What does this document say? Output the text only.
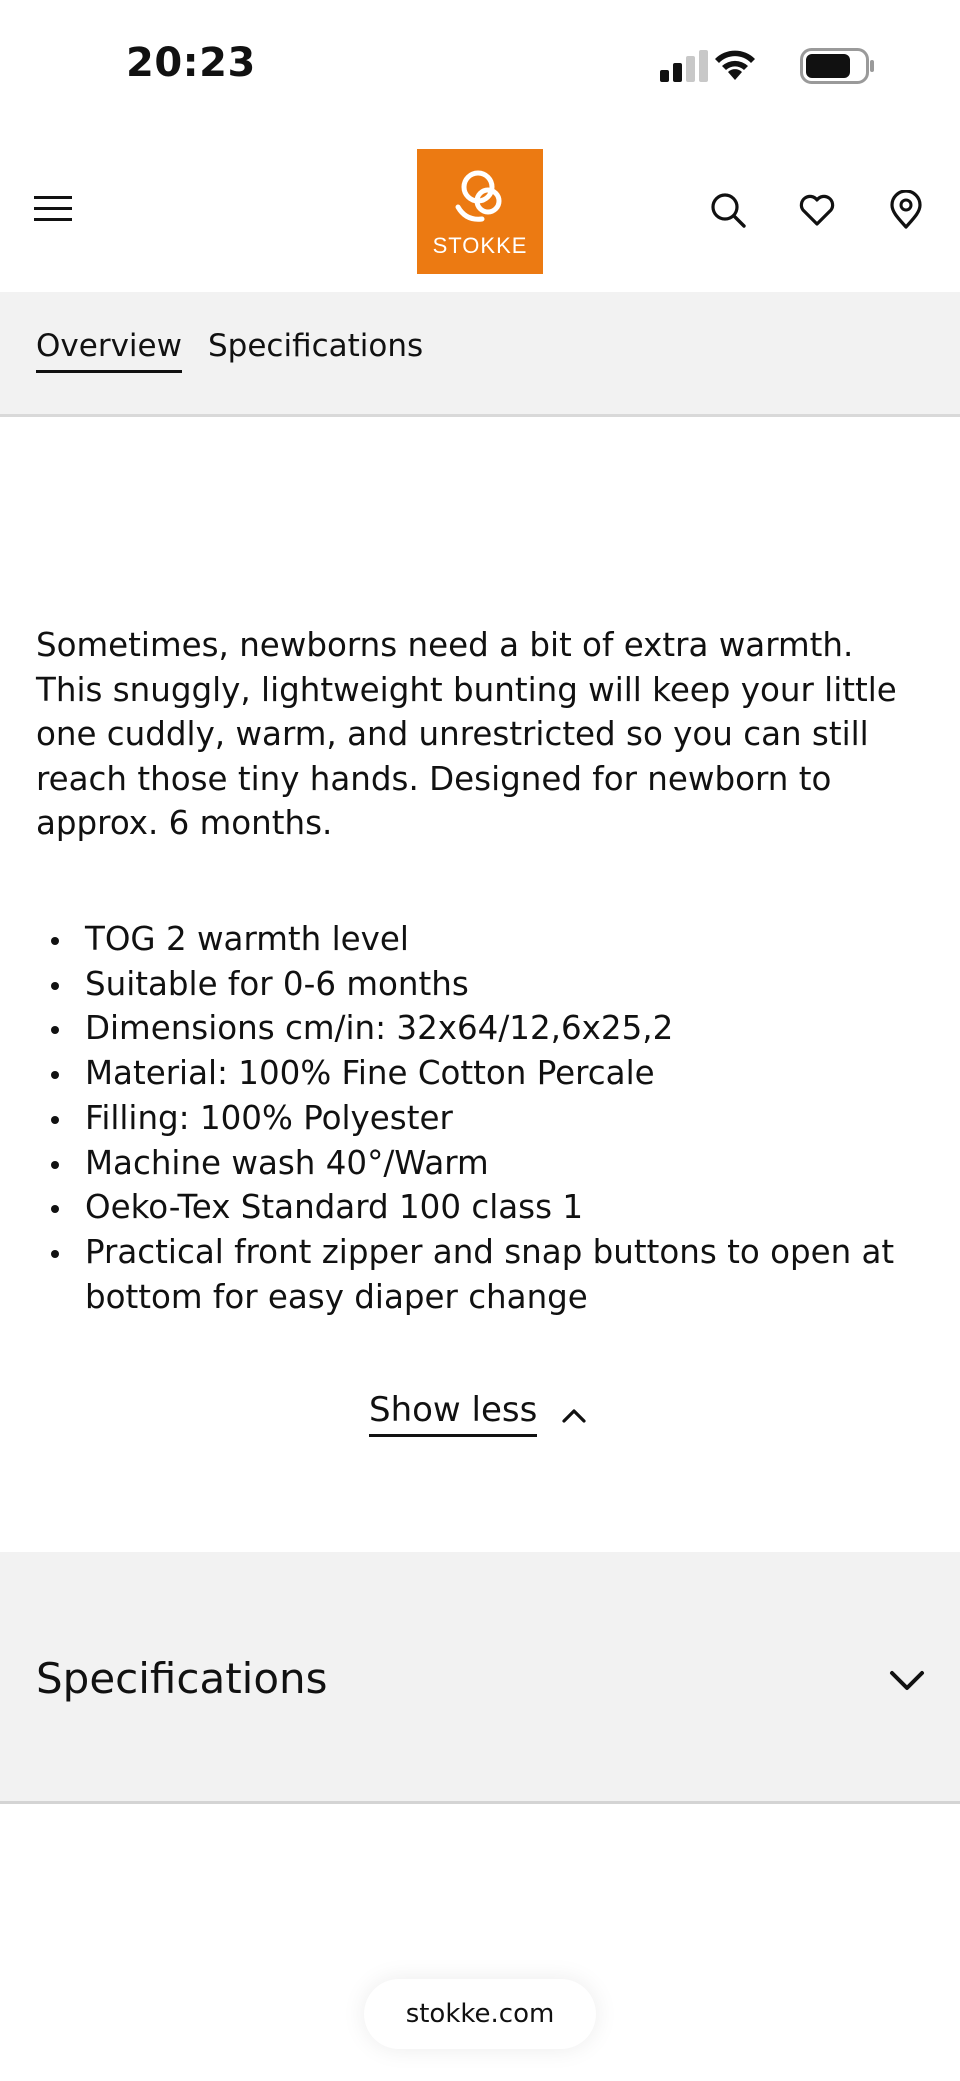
20:23
STOKKE
Overview Specifications

Sometimes, newborns need a bit of extra warmth. This snuggly, lightweight bunting will keep your little one cuddly, warm, and unrestricted so you can still reach those tiny hands. Designed for newborn to approx. 6 months.

TOG 2 warmth level
Suitable for 0-6 months
Dimensions cm/in: 32x64/12,6x25,2
Material: 100% Fine Cotton Percale
Filling: 100% Polyester
Machine wash 40°/Warm
Oeko-Tex Standard 100 class 1
Practical front zipper and snap buttons to open at bottom for easy diaper change
Show less
Specifications
stokke.com
